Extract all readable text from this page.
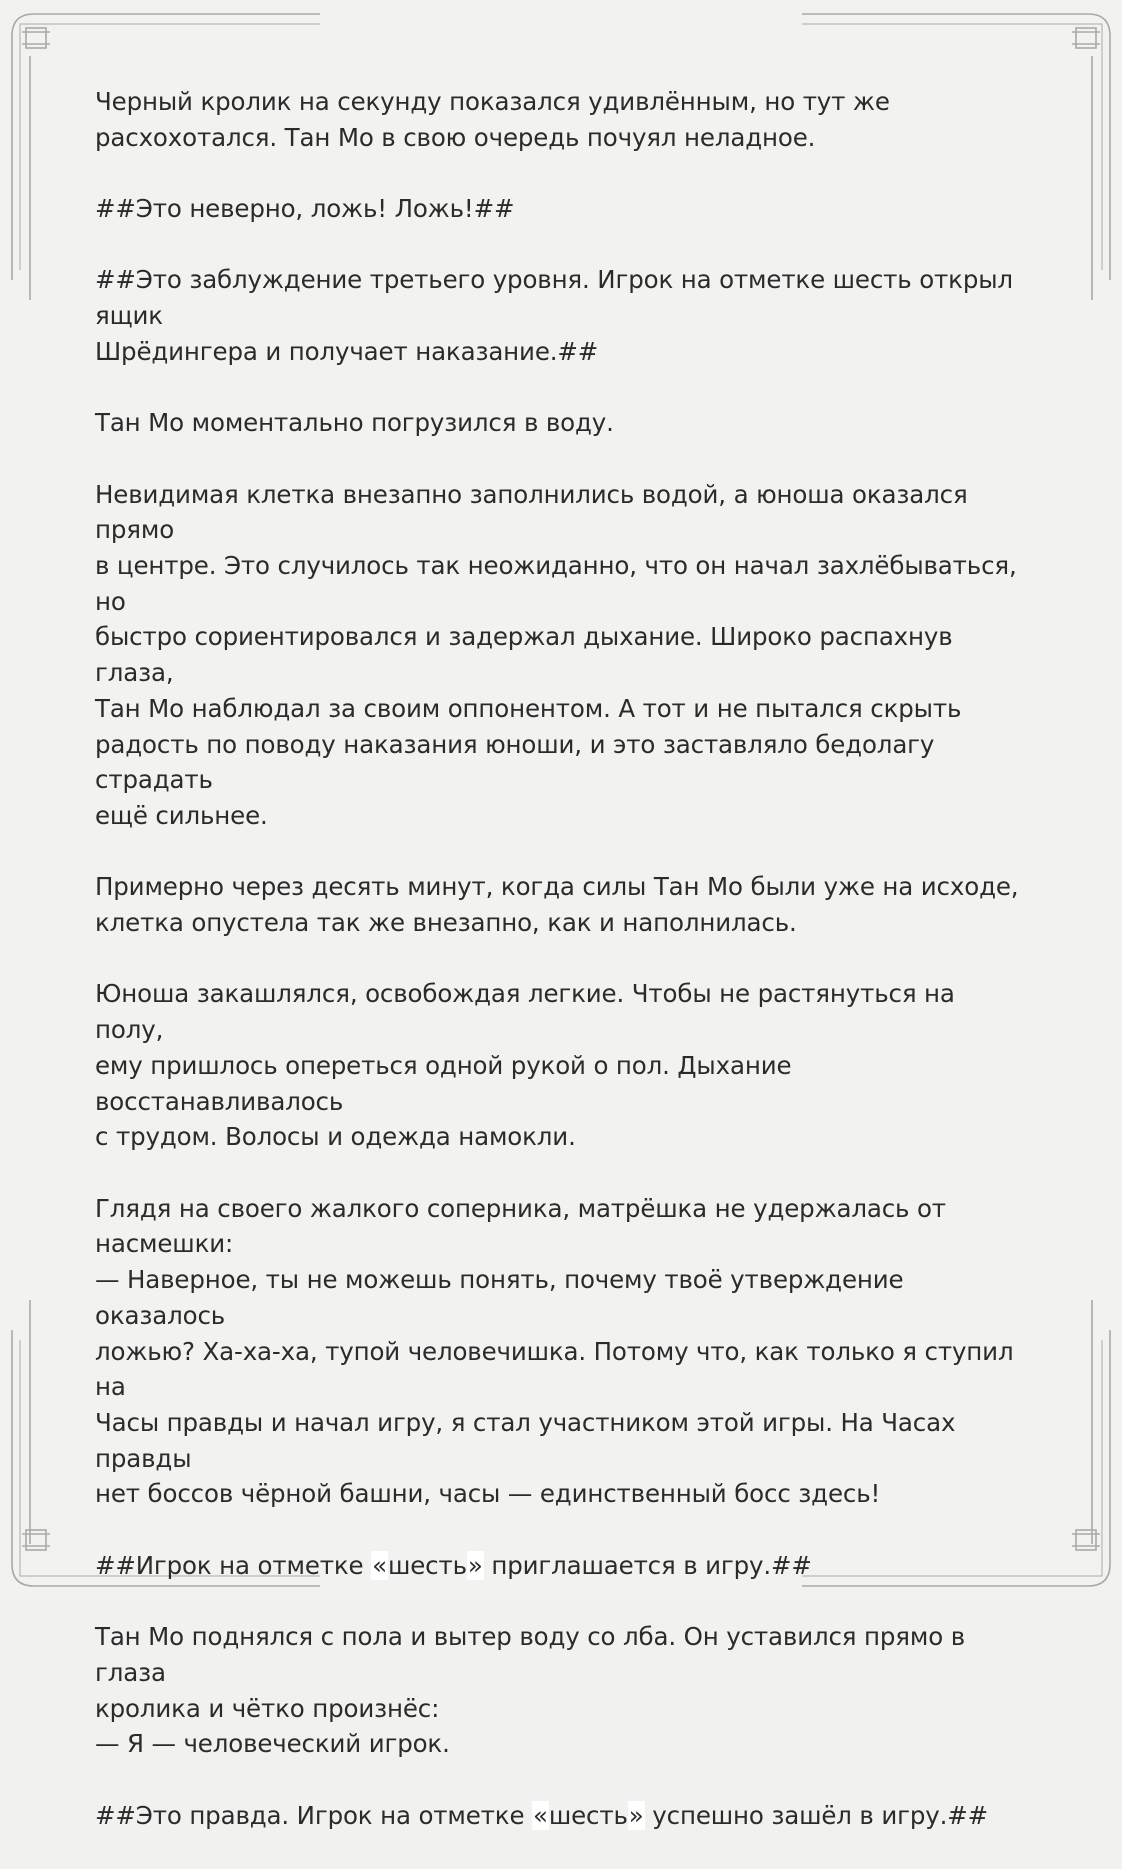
Черный кролик на секунду показался удивлённым, но тут же
расхохотался. Тан Мо в свою очередь почуял неладное.

##Это неверно, ложь! Ложь!##

##Это заблуждение третьего уровня. Игрок на отметке шесть открыл ящик
Шрёдингера и получает наказание.##

Тан Мо моментально погрузился в воду.

Невидимая клетка внезапно заполнились водой, а юноша оказался прямо
в центре. Это случилось так неожиданно, что он начал захлёбываться, но
быстро сориентировался и задержал дыхание. Широко распахнув глаза,
Тан Мо наблюдал за своим оппонентом. А тот и не пытался скрыть
радость по поводу наказания юноши, и это заставляло бедолагу страдать
ещё сильнее.

Примерно через десять минут, когда силы Тан Мо были уже на исходе,
клетка опустела так же внезапно, как и наполнилась.

Юноша закашлялся, освобождая легкие. Чтобы не растянуться на полу,
ему пришлось опереться одной рукой о пол. Дыхание восстанавливалось
с трудом. Волосы и одежда намокли.

Глядя на своего жалкого соперника, матрёшка не удержалась от
насмешки:
— Наверное, ты не можешь понять, почему твоё утверждение оказалось
ложью? Ха-ха-ха, тупой человечишка. Потому что, как только я ступил на
Часы правды и начал игру, я стал участником этой игры. На Часах правды
нет боссов чёрной башни, часы — единственный босс здесь!

##Игрок на отметке «шесть» приглашается в игру.##

Тан Мо поднялся с пола и вытер воду со лба. Он уставился прямо в глаза
кролика и чётко произнёс:
— Я — человеческий игрок.

##Это правда. Игрок на отметке «шесть» успешно зашёл в игру.##
